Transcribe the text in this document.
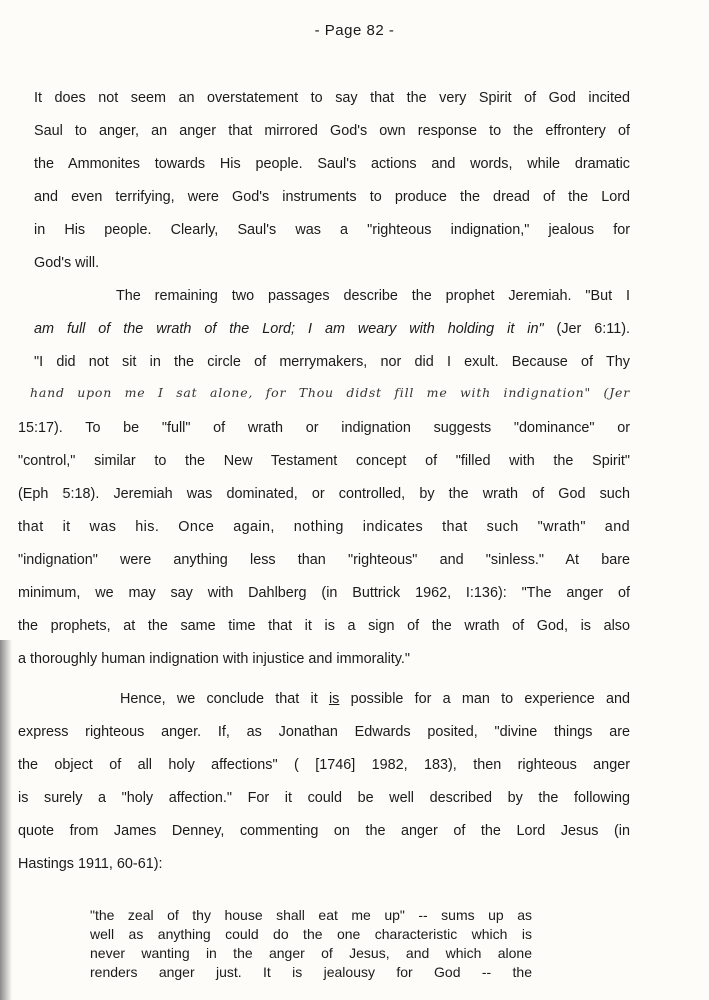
- Page 82 -
It does not seem an overstatement to say that the very Spirit of God incited
Saul to anger, an anger that mirrored God's own response to the effrontery of
the Ammonites towards His people. Saul's actions and words, while dramatic
and even terrifying, were God's instruments to produce the dread of the Lord
in His people. Clearly, Saul's was a "righteous indignation," jealous for
God's will.
The remaining two passages describe the prophet Jeremiah. "But I
am full of the wrath of the Lord; I am weary with holding it in" (Jer 6:11).
"I did not sit in the circle of merrymakers, nor did I exult. Because of Thy
hand upon me I sat alone, for Thou didst fill me with indignation" (Jer
15:17). To be "full" of wrath or indignation suggests "dominance" or
"control," similar to the New Testament concept of "filled with the Spirit"
(Eph 5:18). Jeremiah was dominated, or controlled, by the wrath of God such
that it was his. Once again, nothing indicates that such "wrath" and
"indignation" were anything less than "righteous" and "sinless." At bare
minimum, we may say with Dahlberg (in Buttrick 1962, I:136): "The anger of
the prophets, at the same time that it is a sign of the wrath of God, is also
a thoroughly human indignation with injustice and immorality."
Hence, we conclude that it is possible for a man to experience and
express righteous anger. If, as Jonathan Edwards posited, "divine things are
the object of all holy affections" ( [1746] 1982, 183), then righteous anger
is surely a "holy affection." For it could be well described by the following
quote from James Denney, commenting on the anger of the Lord Jesus (in
Hastings 1911, 60-61):
"the zeal of thy house shall eat me up" -- sums up as
well as anything could do the one characteristic which is
never wanting in the anger of Jesus, and which alone
renders anger just. It is jealousy for God -- the
